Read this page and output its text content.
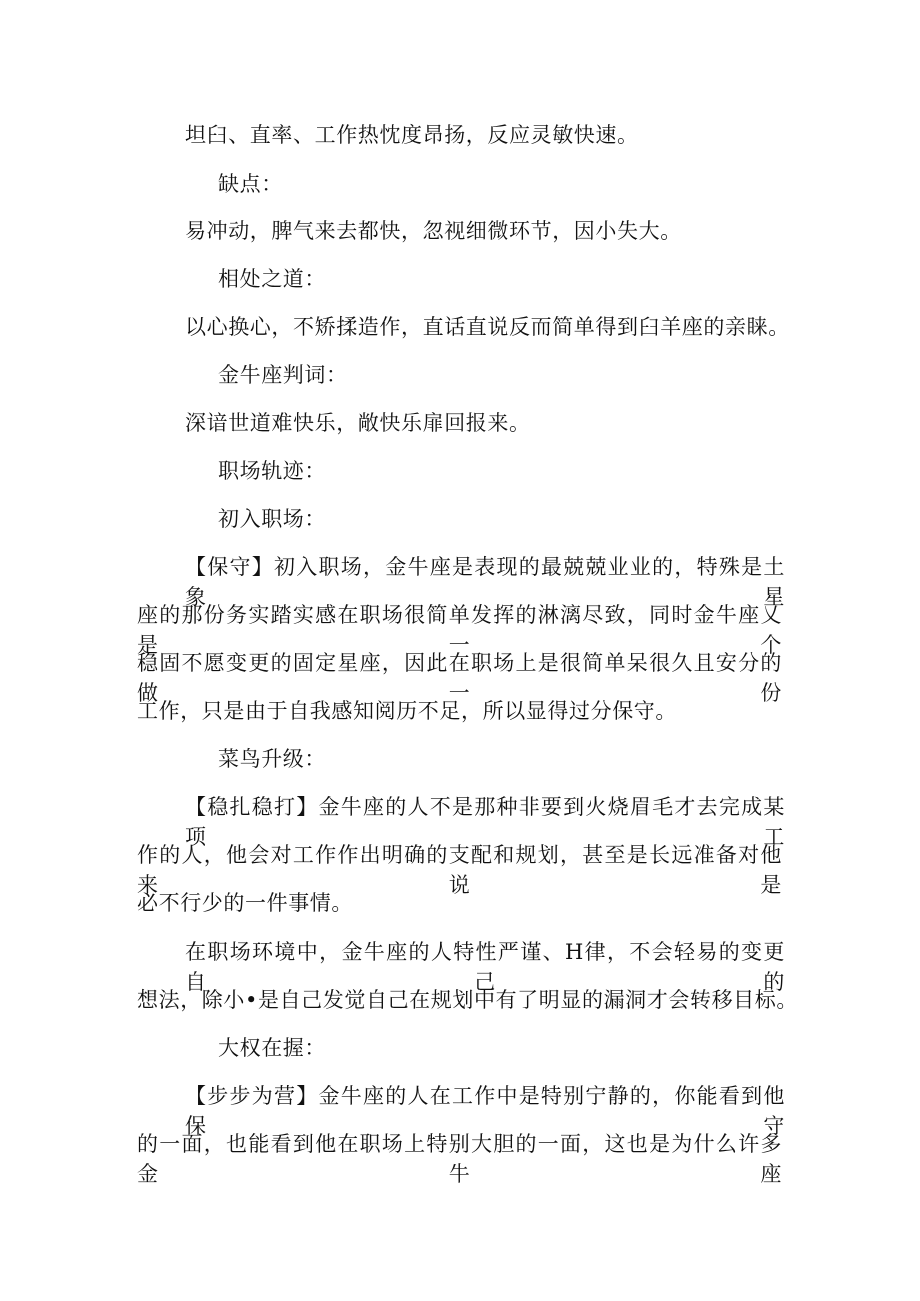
坦臼、直率、工作热忱度昂扬，反应灵敏快速。

缺点：

易冲动，脾气来去都快，忽视细微环节，因小失大。

相处之道：

以心换心，不矫揉造作，直话直说反而简单得到臼羊座的亲睐。

金牛座判词：

深谙世道难快乐，敞快乐扉回报来。

职场轨迹：

初入职场：

【保守】初入职场，金牛座是表现的最兢兢业业的，特殊是土象星

座的那份务实踏实感在职场很简单发挥的淋漓尽致，同时金牛座乂是一个

稳固不愿变更的固定星座，因此在职场上是很简单呆很久且安分的做一份

工作，只是由于自我感知阅历不足，所以显得过分保守。

菜鸟升级：

【稳扎稳打】金牛座的人不是那种非要到火烧眉毛才去完成某项工

作的人，他会对工作作出明确的支配和规划，甚至是长远准备对他来说是

必不行少的一件事情。

在职场环境中，金牛座的人特性严谨、H律，不会轻易的变更自己的

想法，除小•是自己发觉自己在规划中有了明显的漏洞才会转移目标。

大权在握：

【步步为营】金牛座的人在工作中是特别宁静的，你能看到他保守

的一面，也能看到他在职场上特别大胆的一面，这也是为什么许多金牛座
